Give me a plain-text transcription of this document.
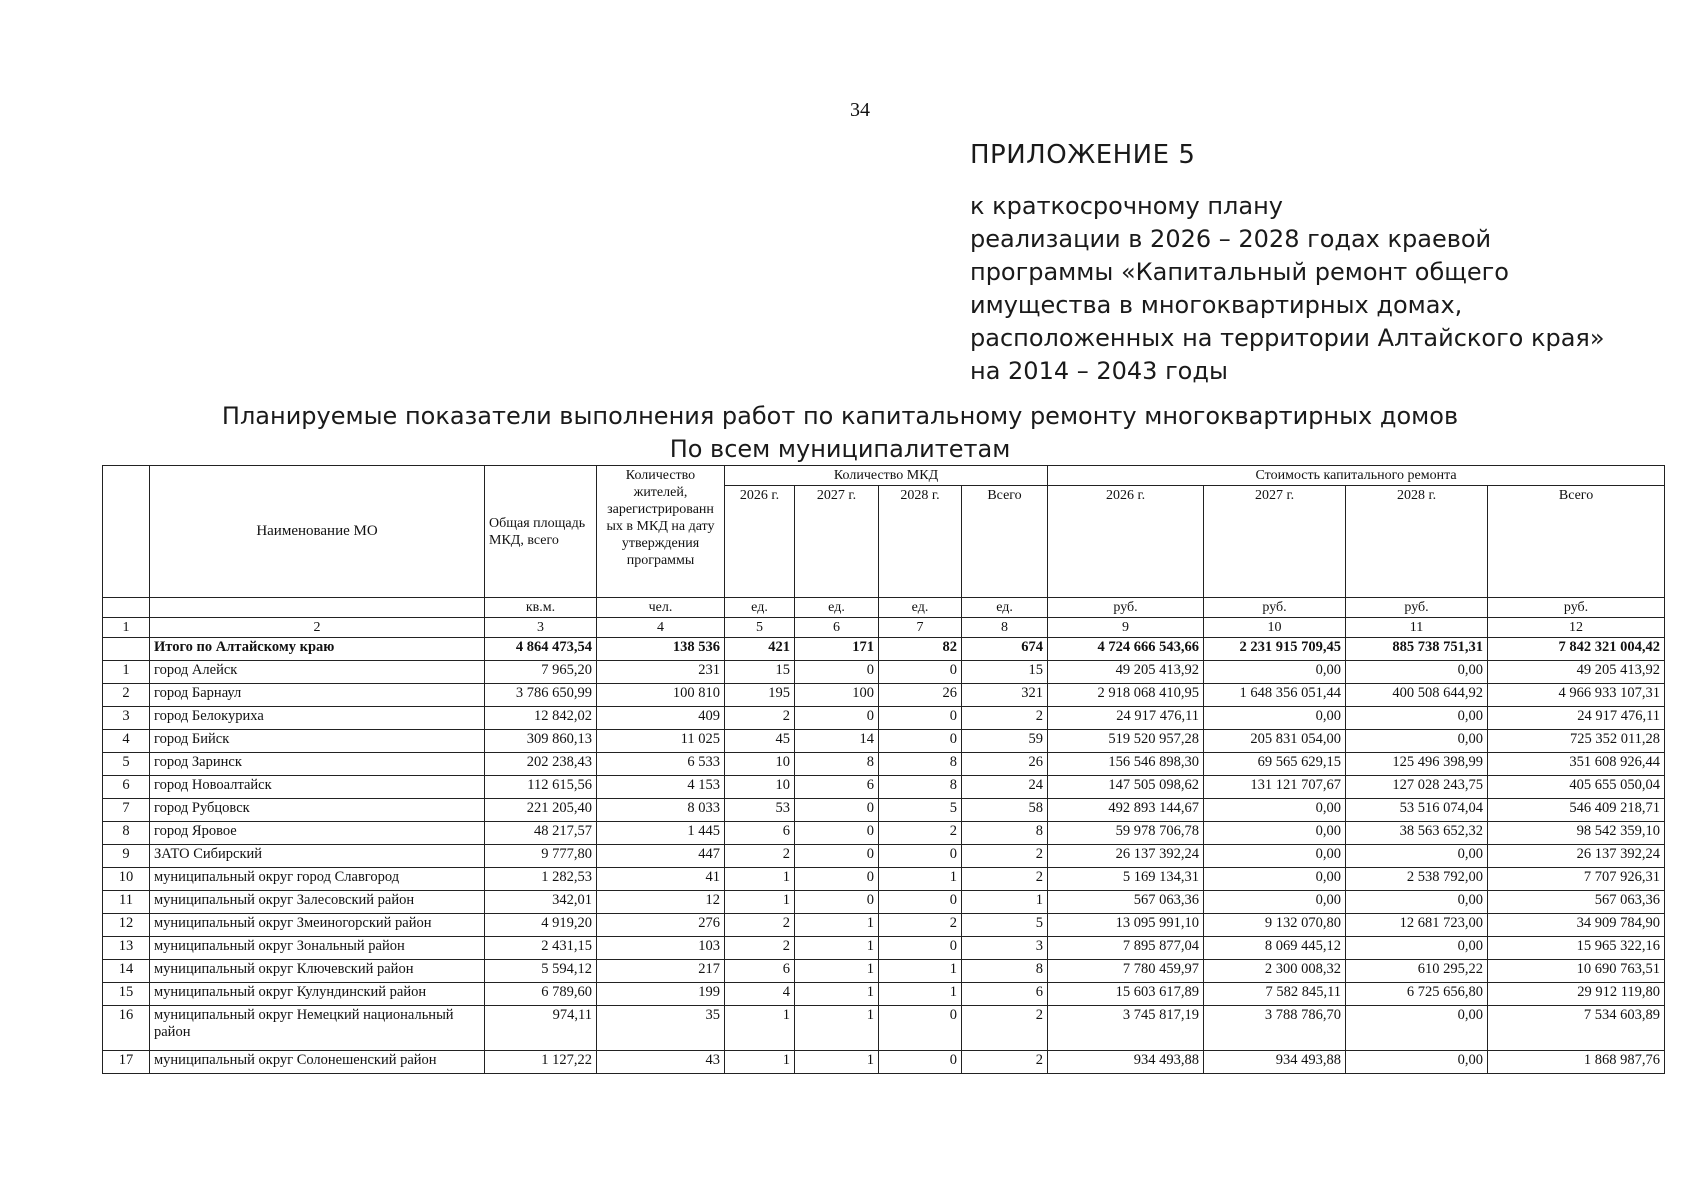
34

ПРИЛОЖЕНИЕ 5

к краткосрочному плану
реализации в 2026 – 2028 годах краевой
программы «Капитальный ремонт общего
имущества в многоквартирных домах,
расположенных на территории Алтайского края»
на 2014 – 2043 годы

Планируемые показатели выполнения работ по капитальному ремонту многоквартирных домов
По всем муниципалитетам
	Наименование МО	Общая площадь МКД, всего	Количество жителей, зарегистрированн ых в МКД на дату утверждения программы	Количество МКД				Стоимость капитального ремонта			
				2026 г.	2027 г.	2028 г.	Всего	2026 г.	2027 г.	2028 г.	Всего
		кв.м.	чел.	ед.	ед.	ед.	ед.	руб.	руб.	руб.	руб.
1	2	3	4	5	6	7	8	9	10	11	12
	Итого по Алтайскому краю	4 864 473,54	138 536	421	171	82	674	4 724 666 543,66	2 231 915 709,45	885 738 751,31	7 842 321 004,42
1	город Алейск	7 965,20	231	15	0	0	15	49 205 413,92	0,00	0,00	49 205 413,92
2	город Барнаул	3 786 650,99	100 810	195	100	26	321	2 918 068 410,95	1 648 356 051,44	400 508 644,92	4 966 933 107,31
3	город Белокуриха	12 842,02	409	2	0	0	2	24 917 476,11	0,00	0,00	24 917 476,11
4	город Бийск	309 860,13	11 025	45	14	0	59	519 520 957,28	205 831 054,00	0,00	725 352 011,28
5	город Заринск	202 238,43	6 533	10	8	8	26	156 546 898,30	69 565 629,15	125 496 398,99	351 608 926,44
6	город Новоалтайск	112 615,56	4 153	10	6	8	24	147 505 098,62	131 121 707,67	127 028 243,75	405 655 050,04
7	город Рубцовск	221 205,40	8 033	53	0	5	58	492 893 144,67	0,00	53 516 074,04	546 409 218,71
8	город Яровое	48 217,57	1 445	6	0	2	8	59 978 706,78	0,00	38 563 652,32	98 542 359,10
9	ЗАТО Сибирский	9 777,80	447	2	0	0	2	26 137 392,24	0,00	0,00	26 137 392,24
10	муниципальный округ город Славгород	1 282,53	41	1	0	1	2	5 169 134,31	0,00	2 538 792,00	7 707 926,31
11	муниципальный округ Залесовский район	342,01	12	1	0	0	1	567 063,36	0,00	0,00	567 063,36
12	муниципальный округ Змеиногорский район	4 919,20	276	2	1	2	5	13 095 991,10	9 132 070,80	12 681 723,00	34 909 784,90
13	муниципальный округ Зональный район	2 431,15	103	2	1	0	3	7 895 877,04	8 069 445,12	0,00	15 965 322,16
14	муниципальный округ Ключевский район	5 594,12	217	6	1	1	8	7 780 459,97	2 300 008,32	610 295,22	10 690 763,51
15	муниципальный округ Кулундинский район	6 789,60	199	4	1	1	6	15 603 617,89	7 582 845,11	6 725 656,80	29 912 119,80
16	муниципальный округ Немецкий национальный район	974,11	35	1	1	0	2	3 745 817,19	3 788 786,70	0,00	7 534 603,89
17	муниципальный округ Солонешенский район	1 127,22	43	1	1	0	2	934 493,88	934 493,88	0,00	1 868 987,76
